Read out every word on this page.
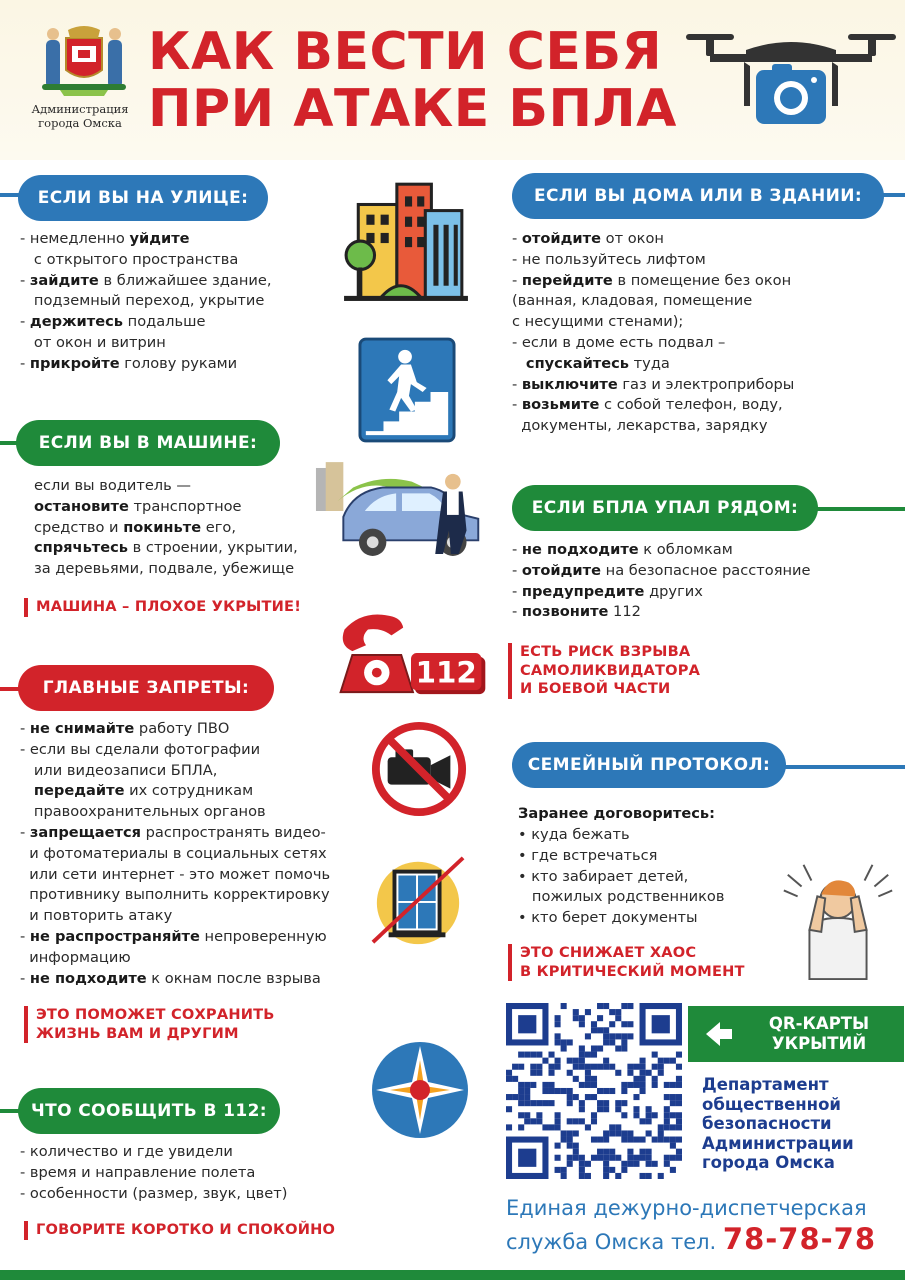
Администрация
города Омска
КАК ВЕСТИ СЕБЯ
ПРИ АТАКЕ БПЛА
ЕСЛИ ВЫ НА УЛИЦЕ:

- немедленно уйдите

с открытого пространства

- зайдите в ближайшее здание,

подземный переход, укрытие

- держитесь подальше

от окон и витрин

- прикройте голову руками

ЕСЛИ ВЫ В МАШИНЕ:

если вы водитель —

остановите транспортное

средство и покиньте его,

спрячьтесь в строении, укрытии,

за деревьями, подвале, убежище

МАШИНА – ПЛОХОЕ УКРЫТИЕ!
ГЛАВНЫЕ ЗАПРЕТЫ:

- не снимайте работу ПВО

- если вы сделали фотографии

или видеозаписи БПЛА,

передайте их сотрудникам

правоохранительных органов

- запрещается распространять видео-

и фотоматериалы в социальных сетях

или сети интернет - это может помочь

противнику выполнить корректировку

и повторить атаку

- не распространяйте непроверенную

информацию

- не подходите к окнам после взрыва

ЭТО ПОМОЖЕТ СОХРАНИТЬ
ЖИЗНЬ ВАМ И ДРУГИМ
ЧТО СООБЩИТЬ В 112:

- количество и где увидели

- время и направление полета

- особенности (размер, звук, цвет)

ГОВОРИТЕ КОРОТКО И СПОКОЙНО
ЕСЛИ ВЫ ДОМА ИЛИ В ЗДАНИИ:

- отойдите от окон

- не пользуйтесь лифтом

- перейдите в помещение без окон

(ванная, кладовая, помещение

с несущими стенами);

- если в доме есть подвал –

спускайтесь туда

- выключите газ и электроприборы

- возьмите с собой телефон, воду,

документы, лекарства, зарядку

ЕСЛИ БПЛА УПАЛ РЯДОМ:

- не подходите к обломкам

- отойдите на безопасное расстояние

- предупредите других

- позвоните 112

ЕСТЬ РИСК ВЗРЫВА
САМОЛИКВИДАТОРА
И БОЕВОЙ ЧАСТИ
СЕМЕЙНЫЙ ПРОТОКОЛ:
Заранее договоритесь:

• куда бежать

• где встречаться

• кто забирает детей,

пожилых родственников

• кто берет документы

ЭТО СНИЖАЕТ ХАОС
В КРИТИЧЕСКИЙ МОМЕНТ
112
QR-КАРТЫ
УКРЫТИЙ
Департамент
общественной
безопасности
Администрации
города Омска
Единая дежурно-диспетчерская
служба Омска тел. 78-78-78
